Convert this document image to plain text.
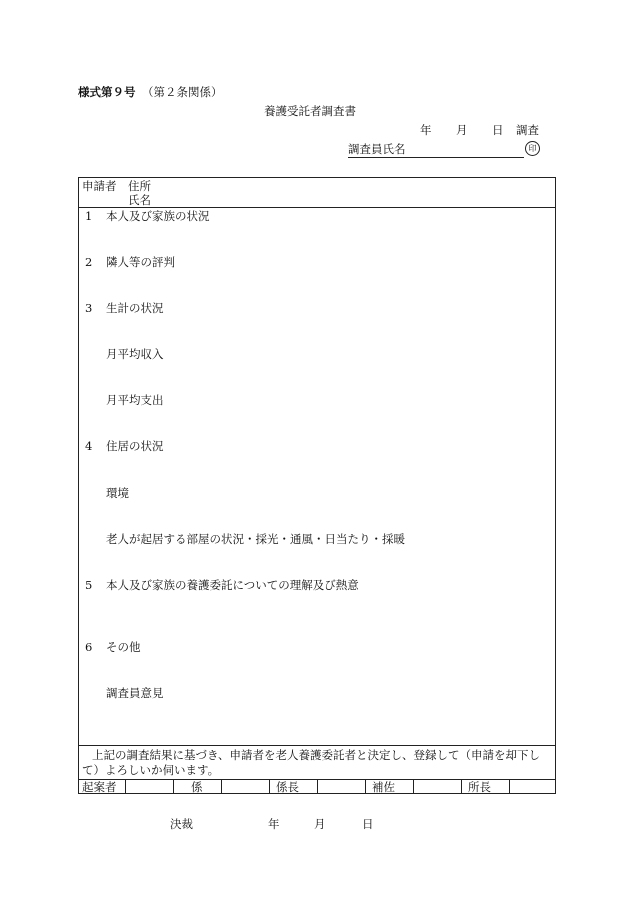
様式第９号 （第２条関係）
養護受託者調査書
年 月 日 調査
調査員氏名	印
申請者 住所
氏名
1 本人及び家族の状況
2 隣人等の評判
3 生計の状況
月平均収入
月平均支出
4 住居の状況
環境
老人が起居する部屋の状況・採光・通風・日当たり・採暖
5 本人及び家族の養護委託についての理解及び熱意
6 その他
調査員意見
上記の調査結果に基づき、申請者を老人養護委託者と決定し、登録して（申請を却下し
て）よろしいか伺います。
起案者	係	係長	補佐	所長
決裁	年	月	日
